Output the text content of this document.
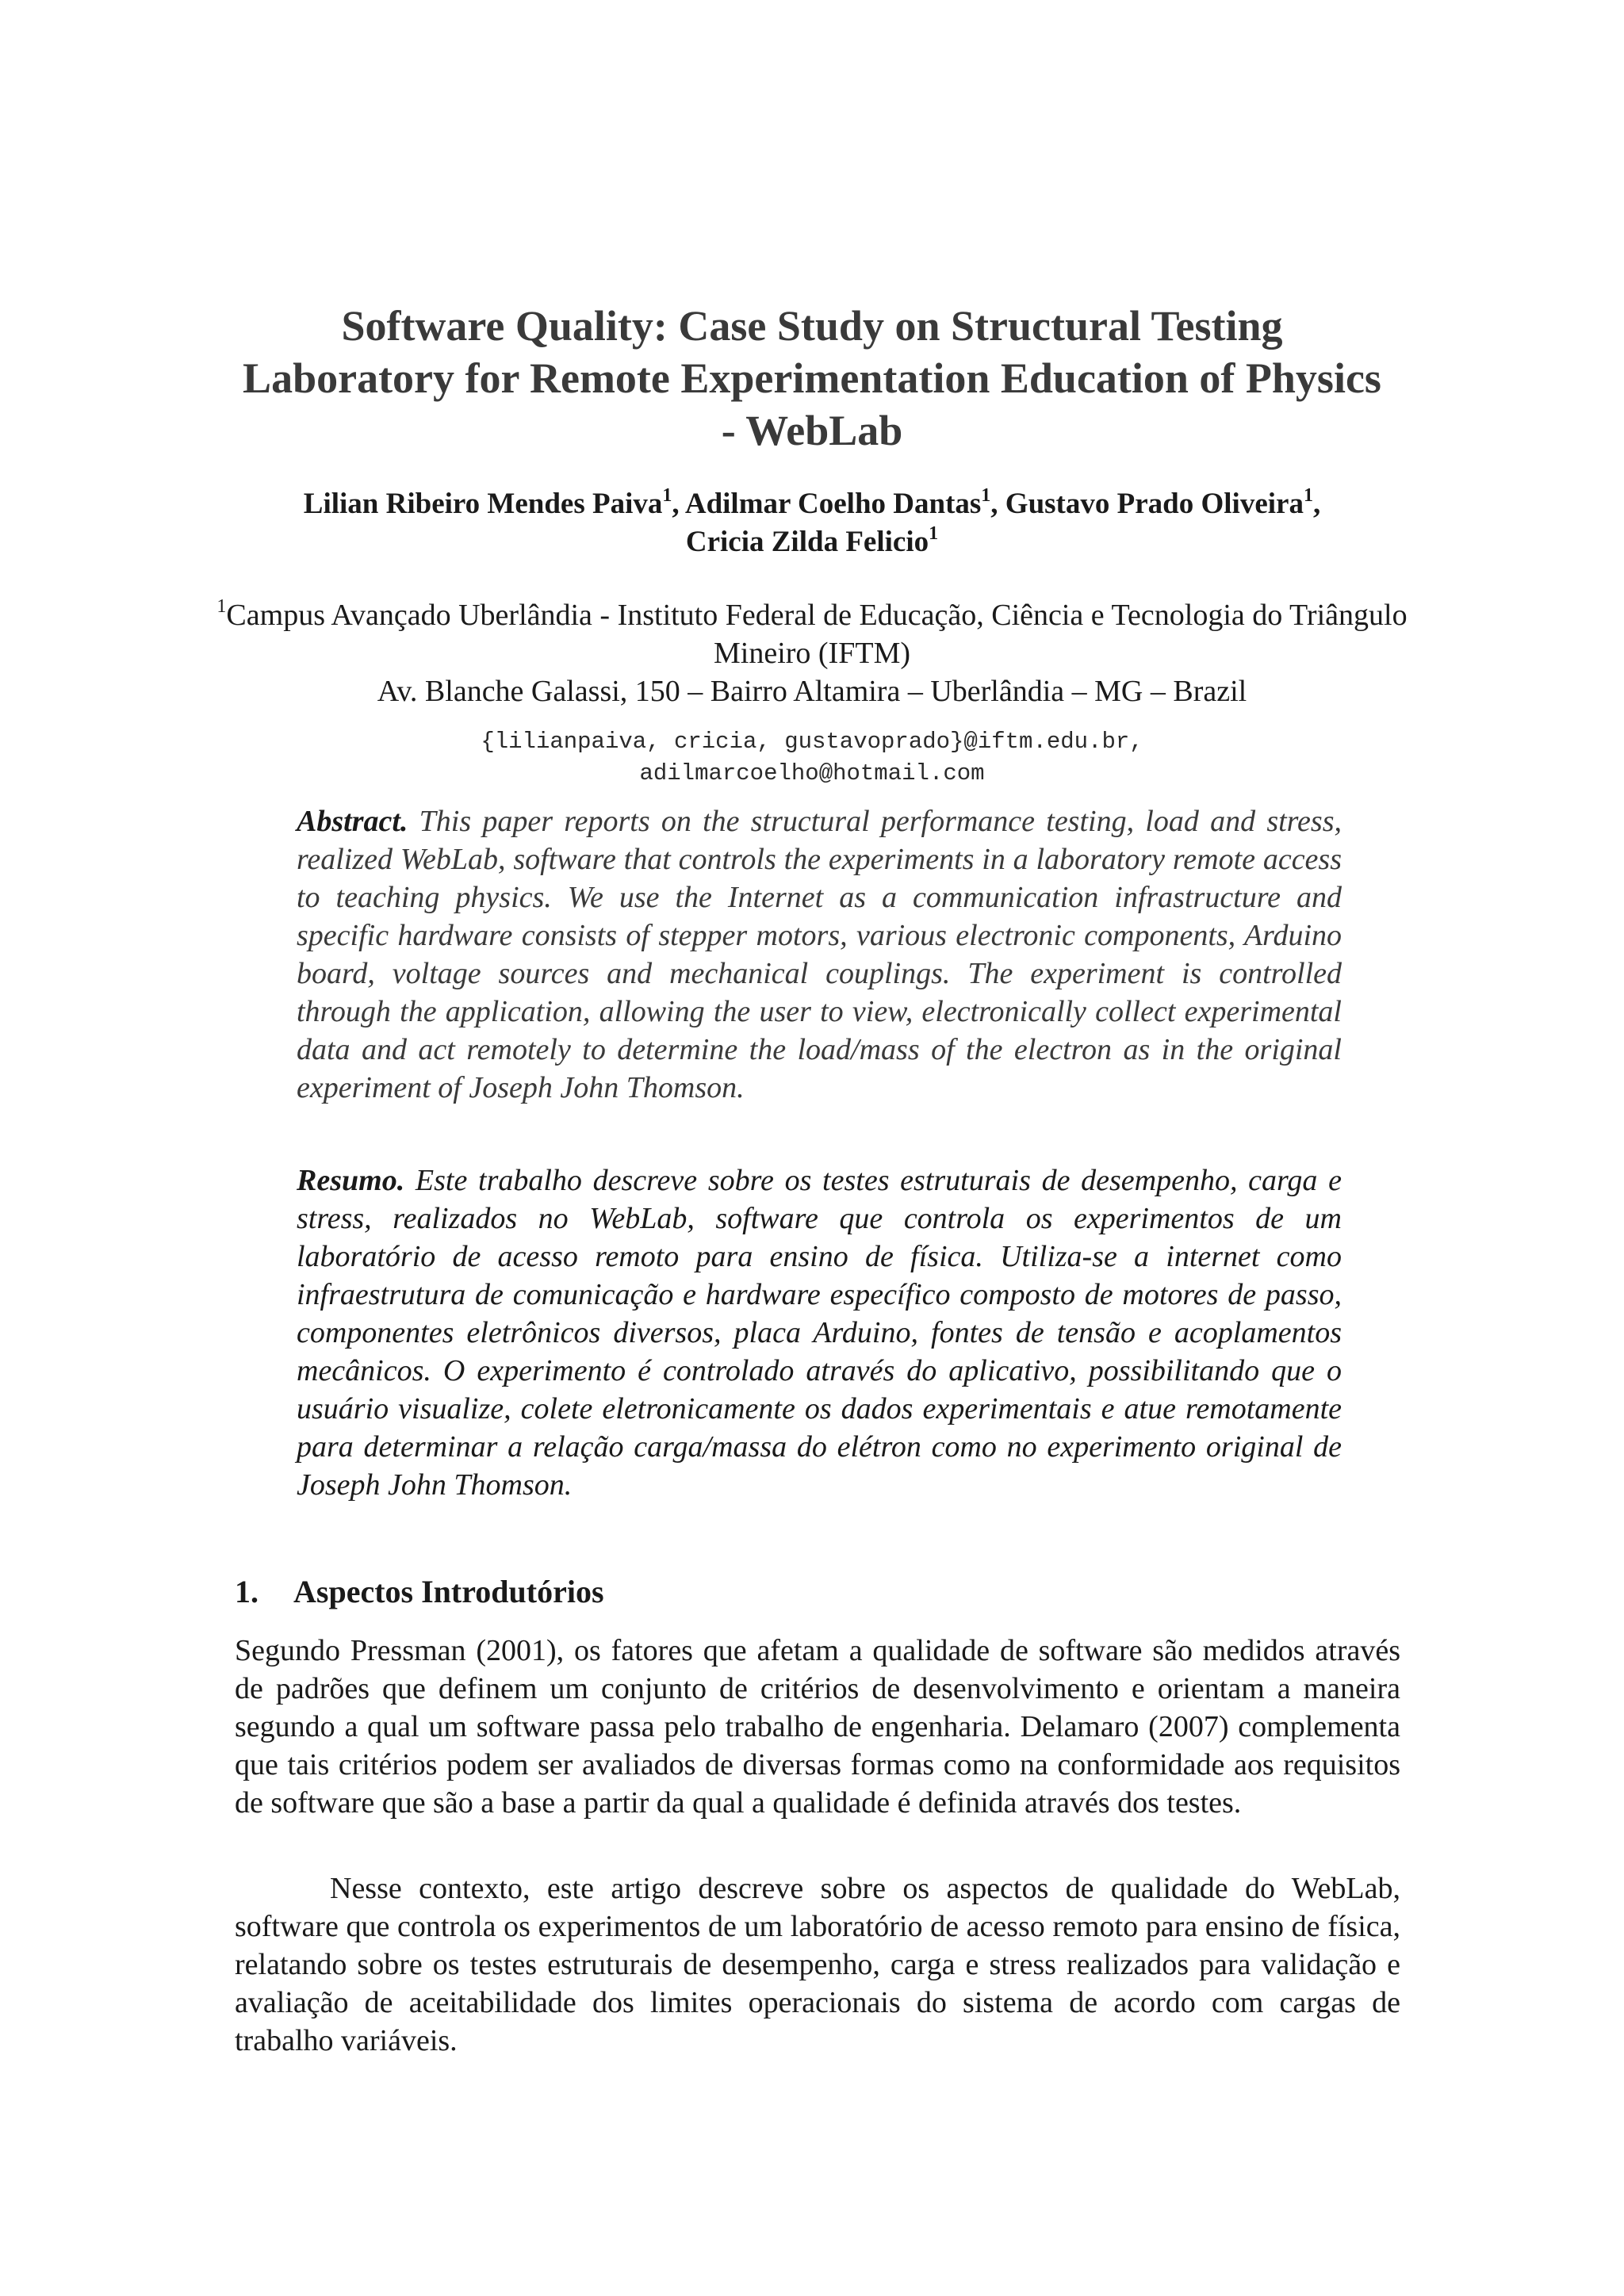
Software Quality: Case Study on Structural Testing Laboratory for Remote Experimentation Education of Physics - WebLab
Lilian Ribeiro Mendes Paiva$^1$, Adilmar Coelho Dantas$^1$, Gustavo Prado Oliveira$^1$,
Cricia Zilda Felicio$^1$
$^1$Campus Avançado Uberlândia - Instituto Federal de Educação, Ciência e Tecnologia do Triângulo Mineiro (IFTM)
Av. Blanche Galassi, 150 – Bairro Altamira – Uberlândia – MG – Brazil
{lilianpaiva, cricia, gustavoprado}@iftm.edu.br,
adilmarcoelho@hotmail.com
Abstract. This paper reports on the structural performance testing, load and stress, realized WebLab, software that controls the experiments in a laboratory remote access to teaching physics. We use the Internet as a communication infrastructure and specific hardware consists of stepper motors, various electronic components, Arduino board, voltage sources and mechanical couplings. The experiment is controlled through the application, allowing the user to view, electronically collect experimental data and act remotely to determine the load/mass of the electron as in the original experiment of Joseph John Thomson.
Resumo. Este trabalho descreve sobre os testes estruturais de desempenho, carga e stress, realizados no WebLab, software que controla os experimentos de um laboratório de acesso remoto para ensino de física. Utiliza-se a internet como infraestrutura de comunicação e hardware específico composto de motores de passo, componentes eletrônicos diversos, placa Arduino, fontes de tensão e acoplamentos mecânicos. O experimento é controlado através do aplicativo, possibilitando que o usuário visualize, colete eletronicamente os dados experimentais e atue remotamente para determinar a relação carga/massa do elétron como no experimento original de Joseph John Thomson.
1. Aspectos Introdutórios
Segundo Pressman (2001), os fatores que afetam a qualidade de software são medidos através de padrões que definem um conjunto de critérios de desenvolvimento e orientam a maneira segundo a qual um software passa pelo trabalho de engenharia. Delamaro (2007) complementa que tais critérios podem ser avaliados de diversas formas como na conformidade aos requisitos de software que são a base a partir da qual a qualidade é definida através dos testes.
Nesse contexto, este artigo descreve sobre os aspectos de qualidade do WebLab, software que controla os experimentos de um laboratório de acesso remoto para ensino de física, relatando sobre os testes estruturais de desempenho, carga e stress realizados para validação e avaliação de aceitabilidade dos limites operacionais do sistema de acordo com cargas de trabalho variáveis.
